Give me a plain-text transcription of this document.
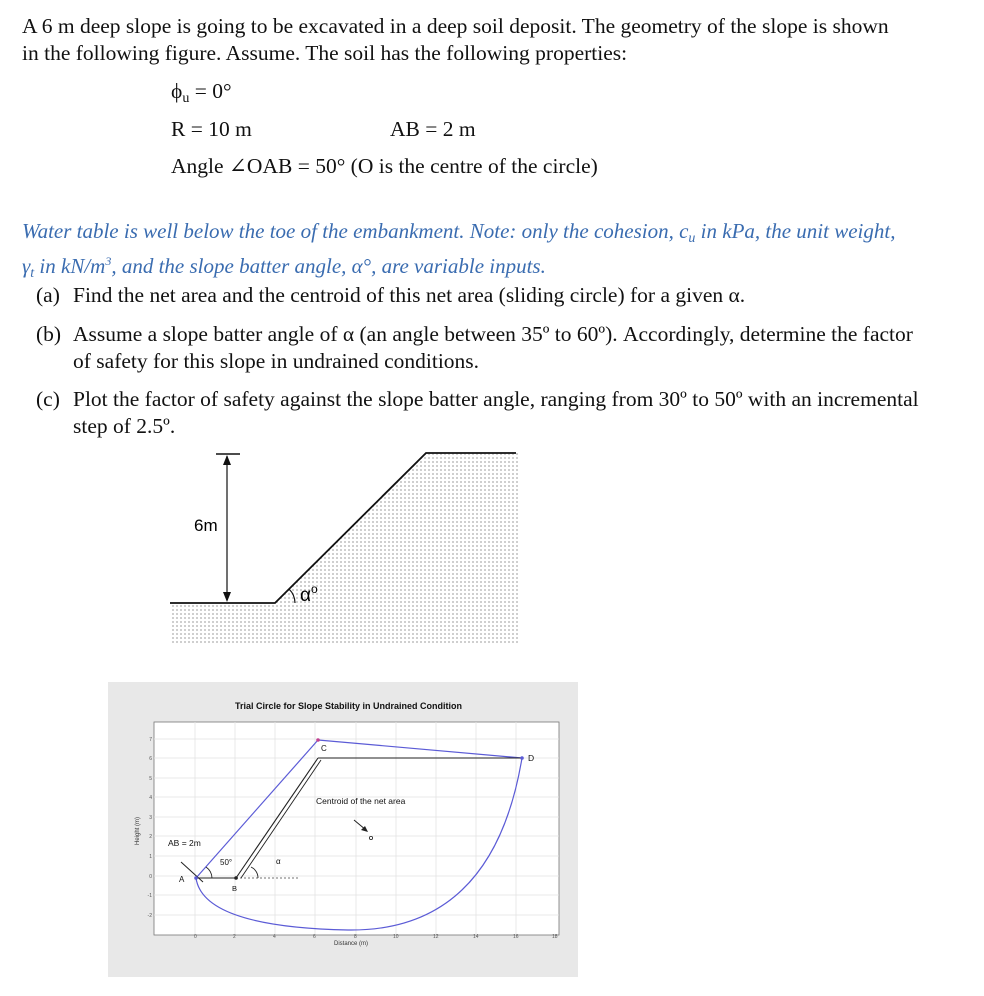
A 6 m deep slope is going to be excavated in a deep soil deposit. The geometry of the slope is shown

in the following figure. Assume. The soil has the following properties:

$\phi_u = 0^\circ$
R = 10 m	AB = 2 m
Angle ∠OAB = 50° (O is the centre of the circle)
Water table is well below the toe of the embankment. Note: only the cohesion, $c_u$ in kPa, the unit weight,
$\gamma_t$ in $kN/m^3$, and the slope batter angle, α°, are variable inputs.
(a) Find the net area and the centroid of this net area (sliding circle) for a given α.
(b) Assume a slope batter angle of α (an angle between 35º to 60º). Accordingly, determine the factor
of safety for this slope in undrained conditions.
(c) Plot the factor of safety against the slope batter angle, ranging from 30º to 50º with an incremental
step of 2.5º.
6m
$\alpha^o$
Trial Circle for Slope Stability in Undrained Condition
Distance (m)
Height (m)	AB = 2m
50°	α
Centroid of the net area
A
B
C
D
0	2	4	6	8	10	12	14	16	18
7
6
5
4
3
2
1
0
-1
-2
